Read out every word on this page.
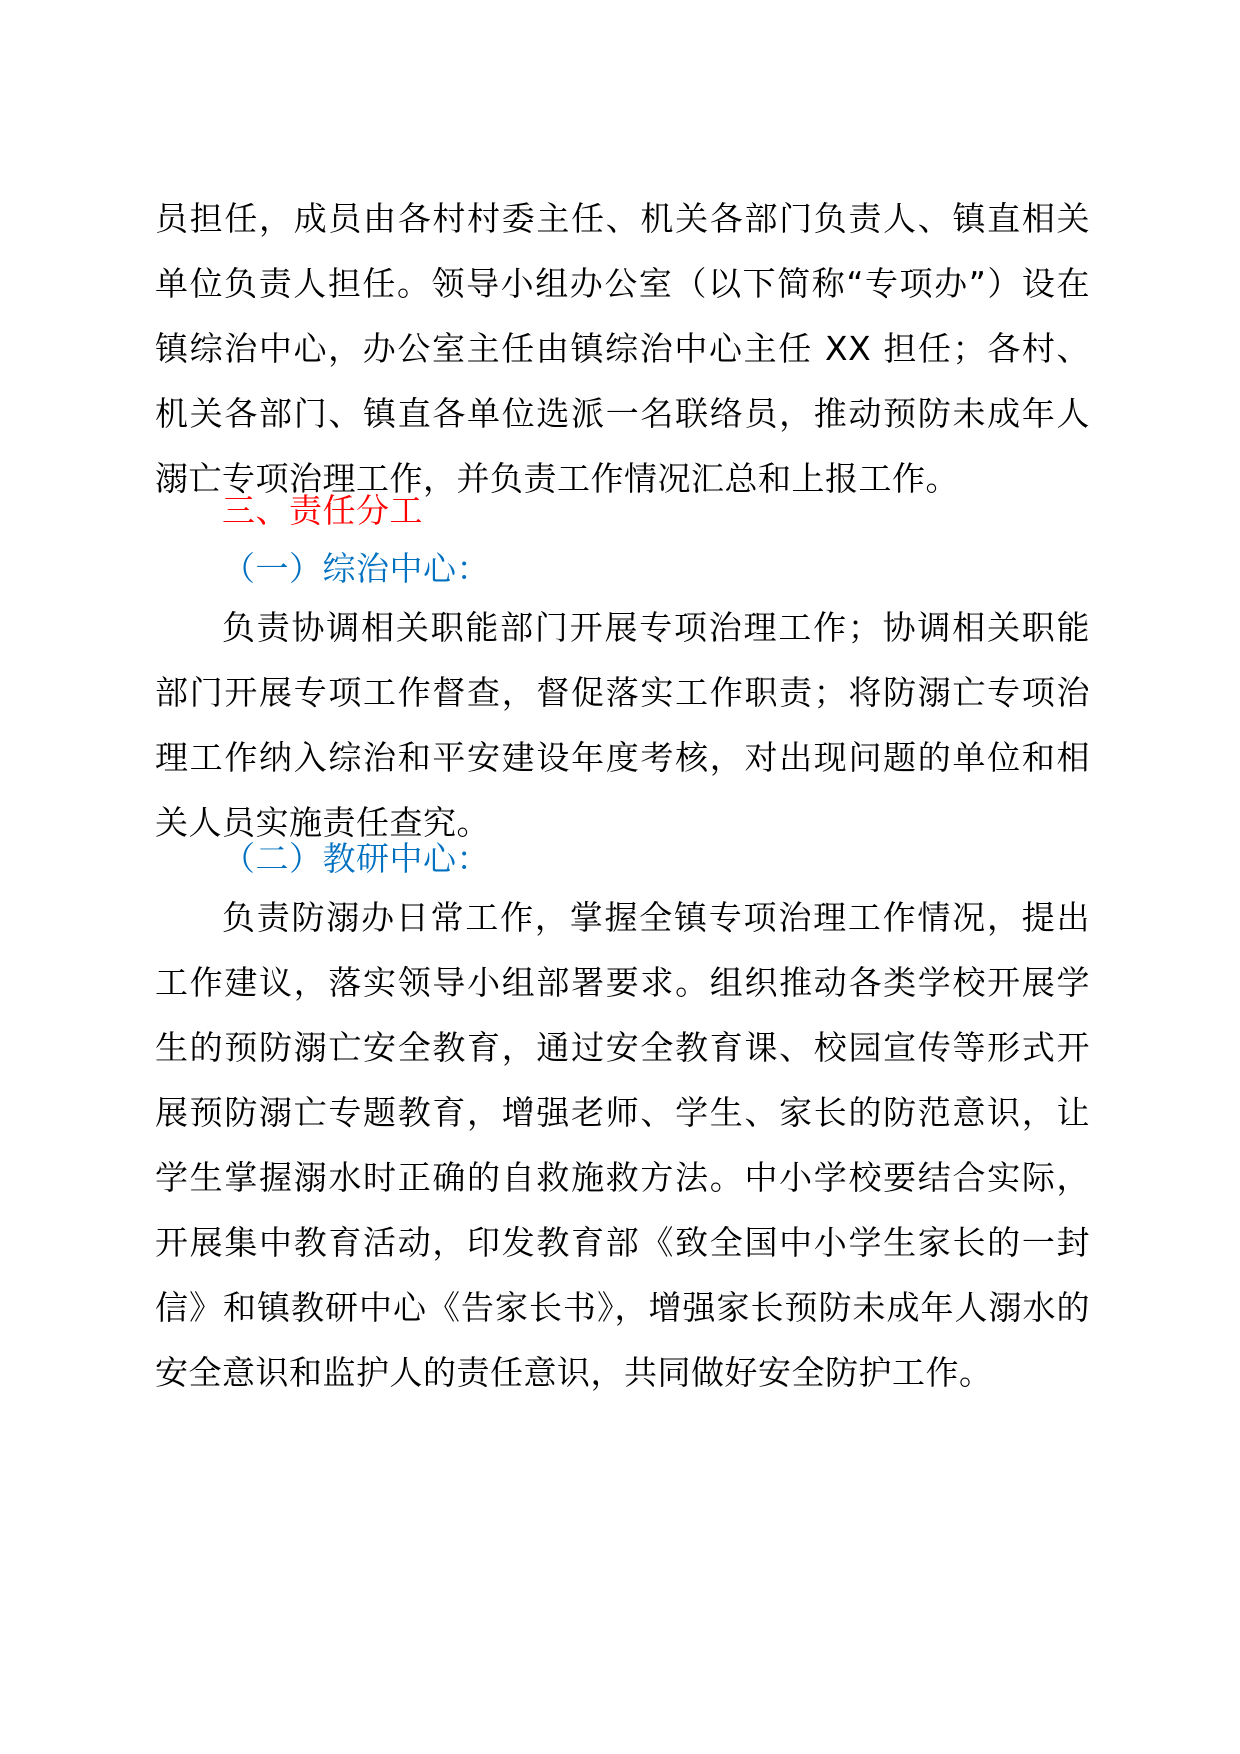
员担任，成员由各村村委主任、机关各部门负责人、镇直相关单位负责人担任。领导小组办公室（以下简称“专项办”）设在镇综治中心，办公室主任由镇综治中心主任 XX 担任；各村、机关各部门、镇直各单位选派一名联络员，推动预防未成年人溺亡专项治理工作，并负责工作情况汇总和上报工作。
三、责任分工
（一）综治中心：
负责协调相关职能部门开展专项治理工作；协调相关职能部门开展专项工作督查，督促落实工作职责；将防溺亡专项治理工作纳入综治和平安建设年度考核，对出现问题的单位和相关人员实施责任查究。
（二）教研中心：
负责防溺办日常工作，掌握全镇专项治理工作情况，提出工作建议，落实领导小组部署要求。组织推动各类学校开展学生的预防溺亡安全教育，通过安全教育课、校园宣传等形式开展预防溺亡专题教育，增强老师、学生、家长的防范意识，让学生掌握溺水时正确的自救施救方法。中小学校要结合实际，开展集中教育活动，印发教育部《致全国中小学生家长的一封信》和镇教研中心《告家长书》，增强家长预防未成年人溺水的安全意识和监护人的责任意识，共同做好安全防护工作。
